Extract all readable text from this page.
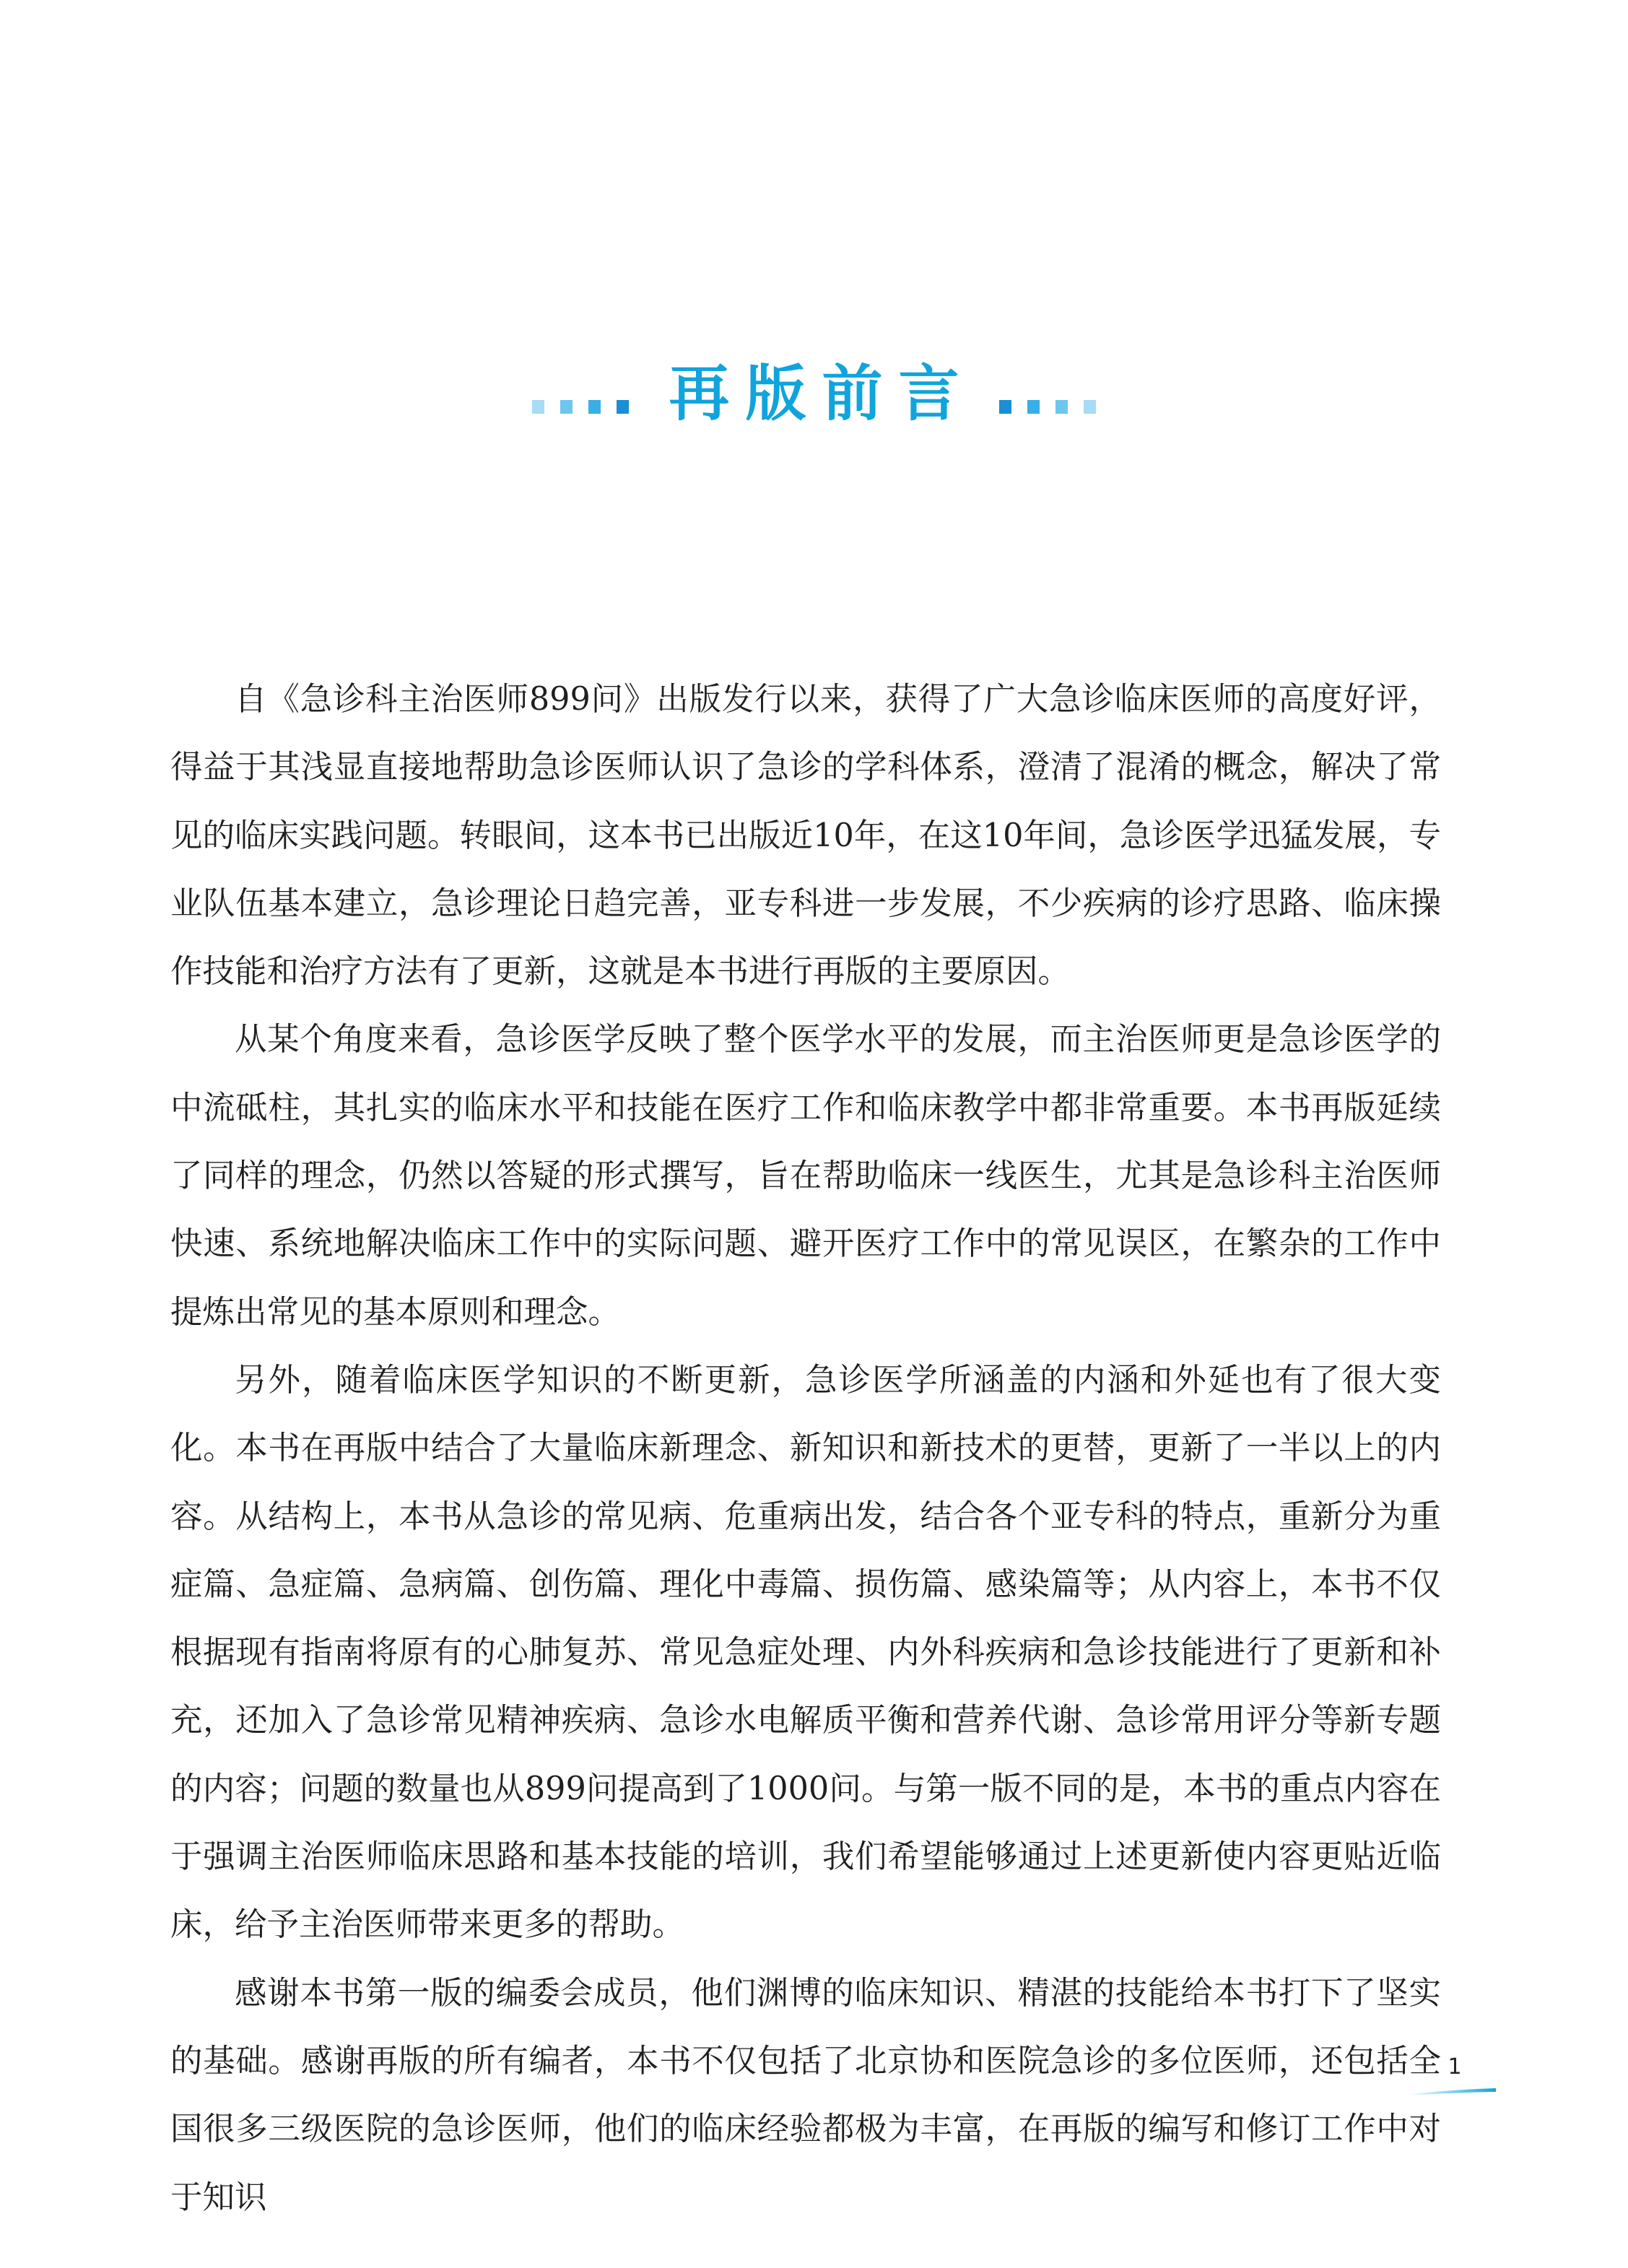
再版前言

自《急诊科主治医师899问》出版发行以来，获得了广大急诊临床医师的高度好评，得益于其浅显直接地帮助急诊医师认识了急诊的学科体系，澄清了混淆的概念，解决了常见的临床实践问题。转眼间，这本书已出版近10年，在这10年间，急诊医学迅猛发展，专业队伍基本建立，急诊理论日趋完善，亚专科进一步发展，不少疾病的诊疗思路、临床操作技能和治疗方法有了更新，这就是本书进行再版的主要原因。

从某个角度来看，急诊医学反映了整个医学水平的发展，而主治医师更是急诊医学的中流砥柱，其扎实的临床水平和技能在医疗工作和临床教学中都非常重要。本书再版延续了同样的理念，仍然以答疑的形式撰写，旨在帮助临床一线医生，尤其是急诊科主治医师快速、系统地解决临床工作中的实际问题、避开医疗工作中的常见误区，在繁杂的工作中提炼出常见的基本原则和理念。

另外，随着临床医学知识的不断更新，急诊医学所涵盖的内涵和外延也有了很大变化。本书在再版中结合了大量临床新理念、新知识和新技术的更替，更新了一半以上的内容。从结构上，本书从急诊的常见病、危重病出发，结合各个亚专科的特点，重新分为重症篇、急症篇、急病篇、创伤篇、理化中毒篇、损伤篇、感染篇等；从内容上，本书不仅根据现有指南将原有的心肺复苏、常见急症处理、内外科疾病和急诊技能进行了更新和补充，还加入了急诊常见精神疾病、急诊水电解质平衡和营养代谢、急诊常用评分等新专题的内容；问题的数量也从899问提高到了1000问。与第一版不同的是，本书的重点内容在于强调主治医师临床思路和基本技能的培训，我们希望能够通过上述更新使内容更贴近临床，给予主治医师带来更多的帮助。

感谢本书第一版的编委会成员，他们渊博的临床知识、精湛的技能给本书打下了坚实的基础。感谢再版的所有编者，本书不仅包括了北京协和医院急诊的多位医师，还包括全国很多三级医院的急诊医师，他们的临床经验都极为丰富，在再版的编写和修订工作中对于知识

1
